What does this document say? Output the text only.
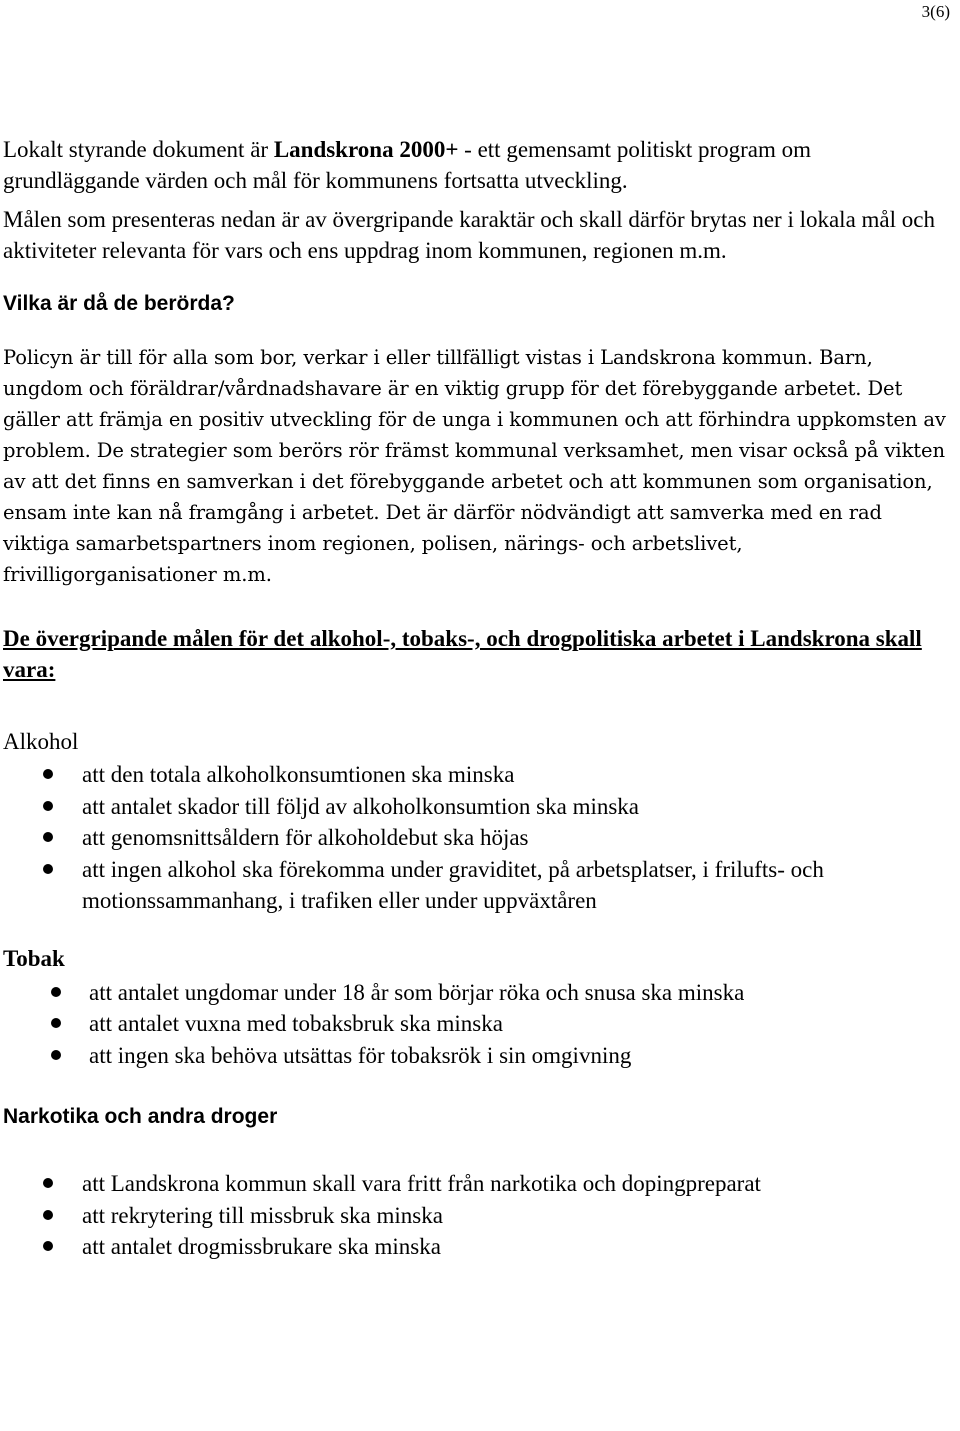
3(6)

Lokalt styrande dokument är Landskrona 2000+ - ett gemensamt politiskt program om grundläggande värden och mål för kommunens fortsatta utveckling.

Målen som presenteras nedan är av övergripande karaktär och skall därför brytas ner i lokala mål och aktiviteter relevanta för vars och ens uppdrag inom kommunen, regionen m.m.

Vilka är då de berörda?

Policyn är till för alla som bor, verkar i eller tillfälligt vistas i Landskrona kommun. Barn, ungdom och föräldrar/vårdnadshavare är en viktig grupp för det förebyggande arbetet. Det gäller att främja en positiv utveckling för de unga i kommunen och att förhindra uppkomsten av problem. De strategier som berörs rör främst kommunal verksamhet, men visar också på vikten av att det finns en samverkan i det förebyggande arbetet och att kommunen som organisation, ensam inte kan nå framgång i arbetet. Det är därför nödvändigt att samverka med en rad viktiga samarbetspartners inom regionen, polisen, närings- och arbetslivet, frivilligorganisationer m.m.

De övergripande målen för det alkohol-, tobaks-, och drogpolitiska arbetet i Landskrona skall vara:

Alkohol

att den totala alkoholkonsumtionen ska minska
att antalet skador till följd av alkoholkonsumtion ska minska
att genomsnittsåldern för alkoholdebut ska höjas
att ingen alkohol ska förekomma under graviditet, på arbetsplatser, i frilufts- och motionssammanhang, i trafiken eller under uppväxtåren

Tobak

att antalet ungdomar under 18 år som börjar röka och snusa ska minska
att antalet vuxna med tobaksbruk ska minska
att ingen ska behöva utsättas för tobaksrök i sin omgivning

Narkotika och andra droger

att Landskrona kommun skall vara fritt från narkotika och dopingpreparat
att rekrytering till missbruk ska minska
att antalet drogmissbrukare ska minska
